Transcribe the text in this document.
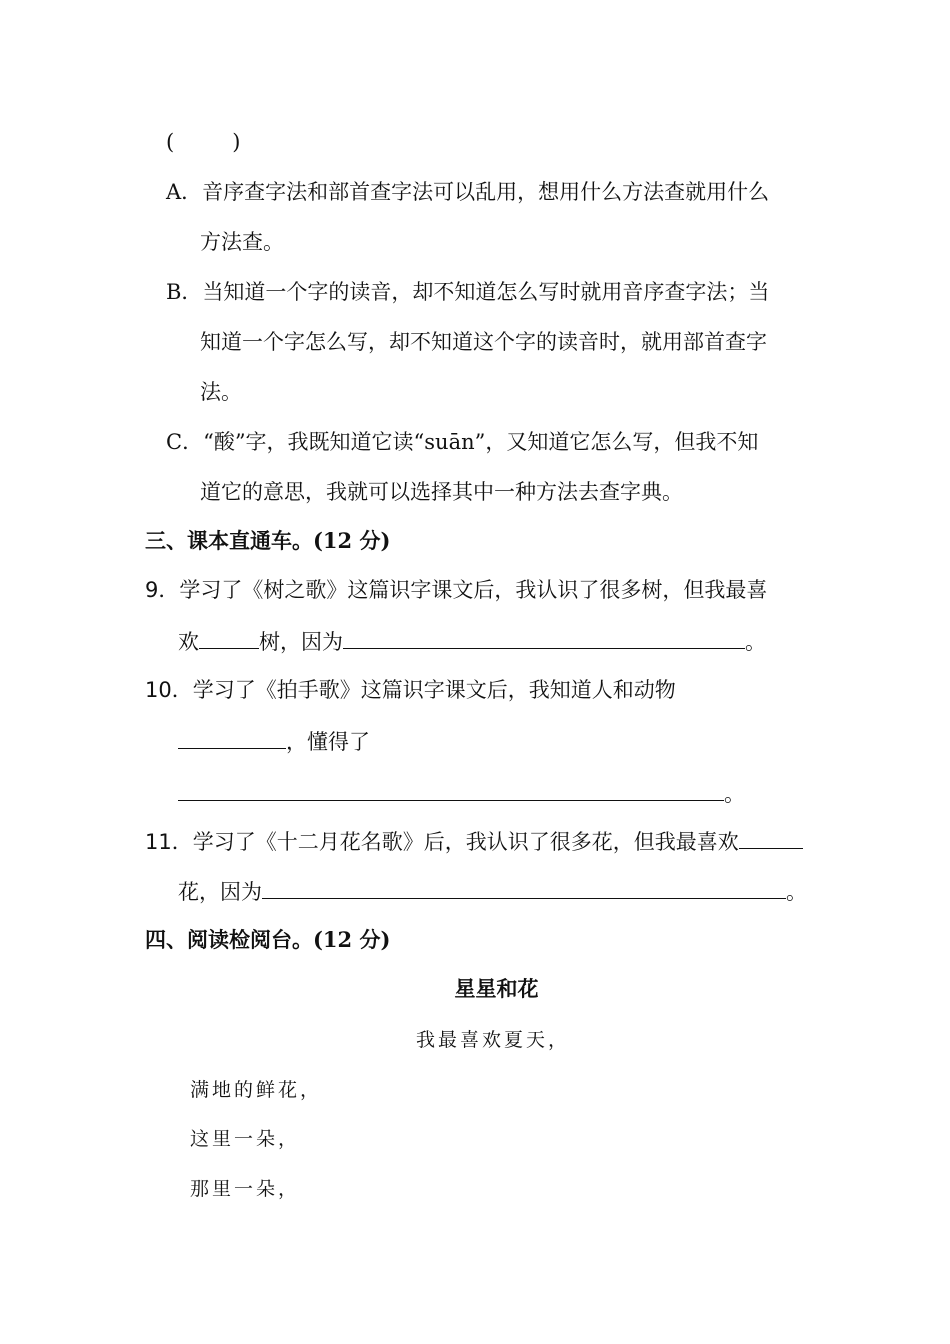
(	)
A．音序查字法和部首查字法可以乱用，想用什么方法查就用什么
方法查。
B．当知道一个字的读音，却不知道怎么写时就用音序查字法；当
知道一个字怎么写，却不知道这个字的读音时，就用部首查字
法。
C．“酸”字，我既知道它读“suān”，又知道它怎么写，但我不知
道它的意思，我就可以选择其中一种方法去查字典。
三、课本直通车。(12 分)
9．学习了《树之歌》这篇识字课文后，我认识了很多树，但我最喜
欢	树，因为	。
10．学习了《拍手歌》这篇识字课文后，我知道人和动物
，懂得了
。
11．学习了《十二月花名歌》后，我认识了很多花，但我最喜欢
花，因为	。
四、阅读检阅台。(12 分)
星星和花
我最喜欢夏天，
满地的鲜花，
这里一朵，
那里一朵，
